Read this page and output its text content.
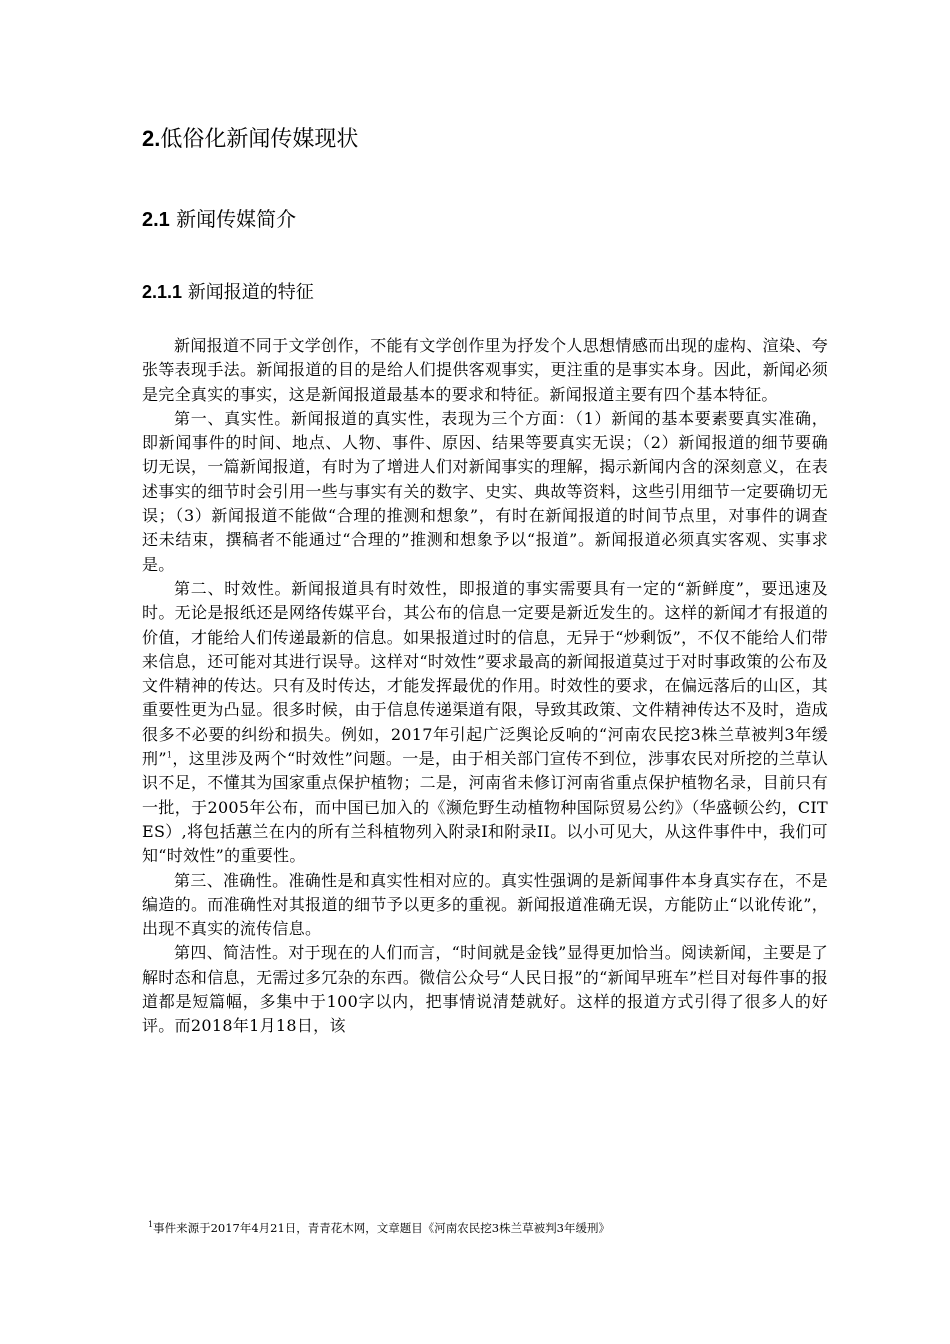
2.低俗化新闻传媒现状
2.1 新闻传媒简介
2.1.1 新闻报道的特征

新闻报道不同于文学创作，不能有文学创作里为抒发个人思想情感而出现的虚构、渲染、夸张等表现手法。新闻报道的目的是给人们提供客观事实，更注重的是事实本身。因此，新闻必须是完全真实的事实，这是新闻报道最基本的要求和特征。新闻报道主要有四个基本特征。

第一、真实性。新闻报道的真实性，表现为三个方面：（1）新闻的基本要素要真实准确，即新闻事件的时间、地点、人物、事件、原因、结果等要真实无误；（2）新闻报道的细节要确切无误，一篇新闻报道，有时为了增进人们对新闻事实的理解，揭示新闻内含的深刻意义，在表述事实的细节时会引用一些与事实有关的数字、史实、典故等资料，这些引用细节一定要确切无误；（3）新闻报道不能做“合理的推测和想象”，有时在新闻报道的时间节点里，对事件的调查还未结束，撰稿者不能通过“合理的”推测和想象予以“报道”。新闻报道必须真实客观、实事求是。

第二、时效性。新闻报道具有时效性，即报道的事实需要具有一定的“新鲜度”，要迅速及时。无论是报纸还是网络传媒平台，其公布的信息一定要是新近发生的。这样的新闻才有报道的价值，才能给人们传递最新的信息。如果报道过时的信息，无异于“炒剩饭”，不仅不能给人们带来信息，还可能对其进行误导。这样对“时效性”要求最高的新闻报道莫过于对时事政策的公布及文件精神的传达。只有及时传达，才能发挥最优的作用。时效性的要求，在偏远落后的山区，其重要性更为凸显。很多时候，由于信息传递渠道有限，导致其政策、文件精神传达不及时，造成很多不必要的纠纷和损失。例如，2017年引起广泛舆论反响的“河南农民挖3株兰草被判3年缓刑”$^1$，这里涉及两个“时效性”问题。一是，由于相关部门宣传不到位，涉事农民对所挖的兰草认识不足，不懂其为国家重点保护植物；二是，河南省未修订河南省重点保护植物名录，目前只有一批，于2005年公布，而中国已加入的《濒危野生动植物种国际贸易公约》（华盛顿公约，CITES）,将包括蕙兰在内的所有兰科植物列入附录I和附录II。以小可见大，从这件事件中，我们可知“时效性”的重要性。

第三、准确性。准确性是和真实性相对应的。真实性强调的是新闻事件本身真实存在，不是编造的。而准确性对其报道的细节予以更多的重视。新闻报道准确无误，方能防止“以讹传讹”，出现不真实的流传信息。

第四、简洁性。对于现在的人们而言，“时间就是金钱”显得更加恰当。阅读新闻，主要是了解时态和信息，无需过多冗杂的东西。微信公众号“人民日报”的“新闻早班车”栏目对每件事的报道都是短篇幅，多集中于100字以内，把事情说清楚就好。这样的报道方式引得了很多人的好评。而2018年1月18日，该

$^1$事件来源于2017年4月21日，青青花木网，文章题目《河南农民挖3株兰草被判3年缓刑》
